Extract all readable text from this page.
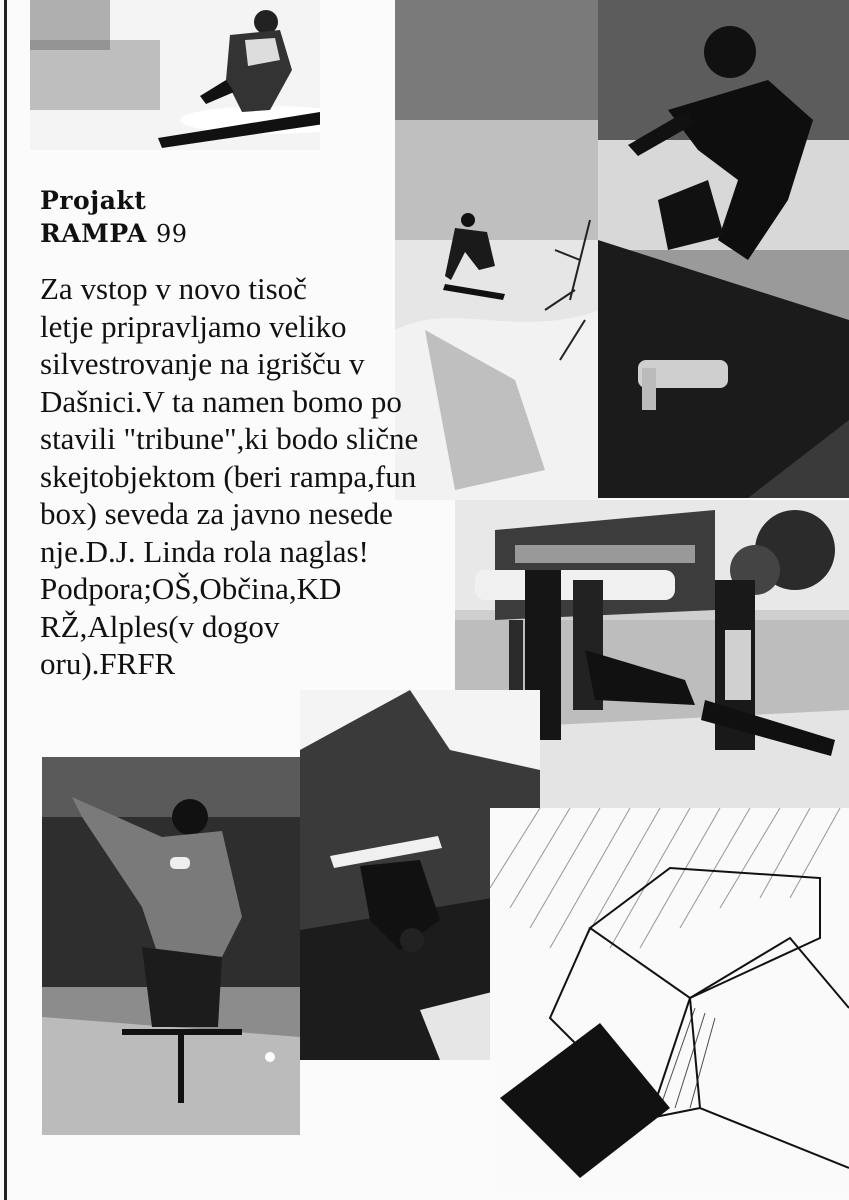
Projakt
RAMPA 99
Za vstop v novo tisoč
letje pripravljamo veliko
silvestrovanje na igrišču v
Dašnici.V ta namen bomo po
stavili "tribune",ki bodo slične
skejtobjektom (beri rampa,fun
box) seveda za javno nesede
nje.D.J. Linda rola naglas!
Podpora;OŠ,Občina,KD
RŽ,Alples(v dogov
oru).FRFR
